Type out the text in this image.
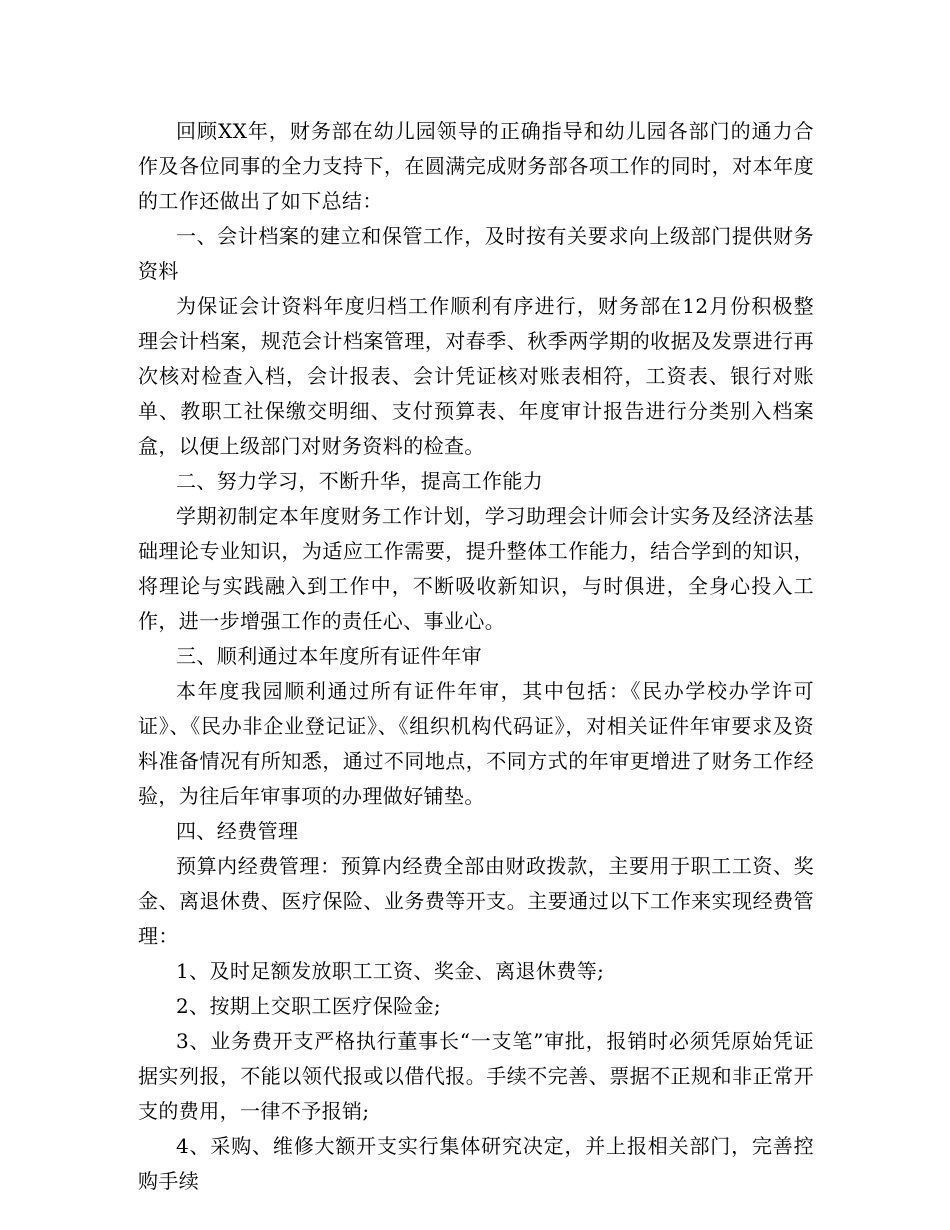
回顾XX年，财务部在幼儿园领导的正确指导和幼儿园各部门的通力合作及各位同事的全力支持下，在圆满完成财务部各项工作的同时，对本年度的工作还做出了如下总结：

一、会计档案的建立和保管工作，及时按有关要求向上级部门提供财务资料

为保证会计资料年度归档工作顺利有序进行，财务部在12月份积极整理会计档案，规范会计档案管理，对春季、秋季两学期的收据及发票进行再次核对检查入档，会计报表、会计凭证核对账表相符，工资表、银行对账单、教职工社保缴交明细、支付预算表、年度审计报告进行分类别入档案盒，以便上级部门对财务资料的检查。

二、努力学习，不断升华，提高工作能力

学期初制定本年度财务工作计划，学习助理会计师会计实务及经济法基础理论专业知识，为适应工作需要，提升整体工作能力，结合学到的知识，将理论与实践融入到工作中，不断吸收新知识，与时俱进，全身心投入工作，进一步增强工作的责任心、事业心。

三、顺利通过本年度所有证件年审

本年度我园顺利通过所有证件年审，其中包括：《民办学校办学许可证》、《民办非企业登记证》、《组织机构代码证》，对相关证件年审要求及资料准备情况有所知悉，通过不同地点，不同方式的年审更增进了财务工作经验，为往后年审事项的办理做好铺垫。

四、经费管理

预算内经费管理：预算内经费全部由财政拨款，主要用于职工工资、奖金、离退休费、医疗保险、业务费等开支。主要通过以下工作来实现经费管理：

1、及时足额发放职工工资、奖金、离退休费等;

2、按期上交职工医疗保险金;

3、业务费开支严格执行董事长“一支笔”审批，报销时必须凭原始凭证据实列报，不能以领代报或以借代报。手续不完善、票据不正规和非正常开支的费用，一律不予报销;

4、采购、维修大额开支实行集体研究决定，并上报相关部门，完善控购手续
